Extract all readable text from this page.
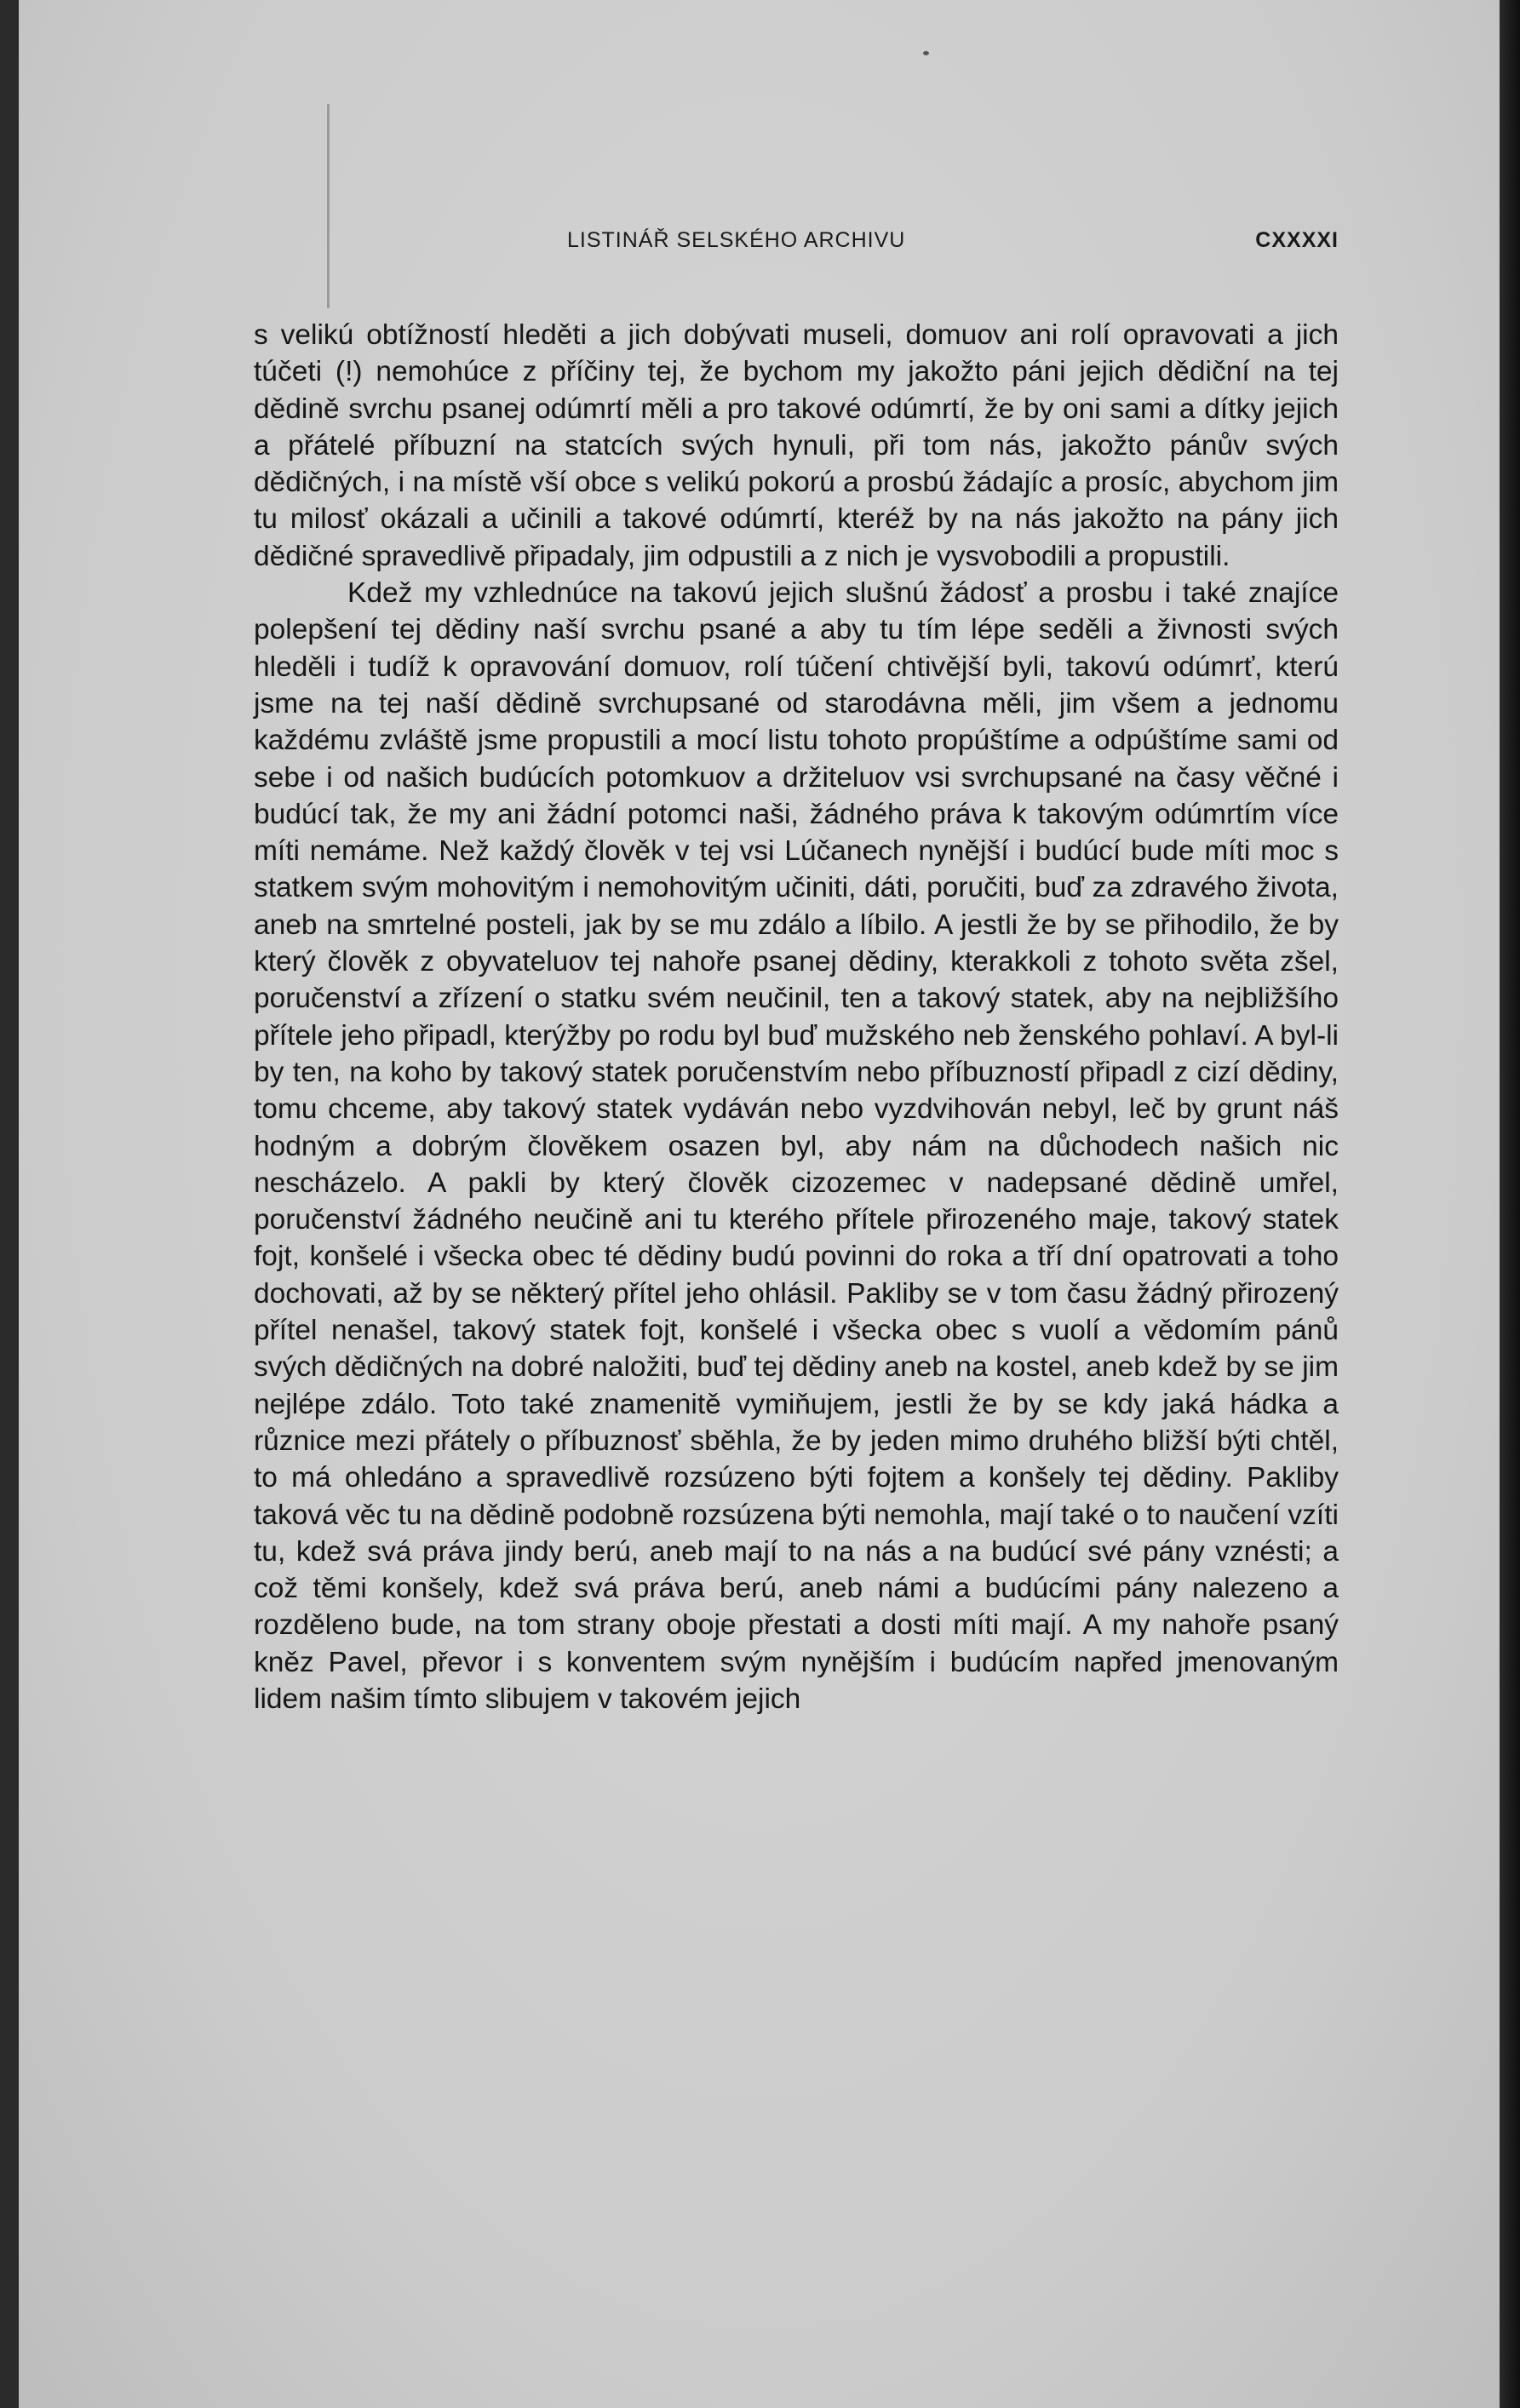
LISTINÁŘ SELSKÉHO ARCHIVU	CXXXXI

s velikú obtížností hleděti a jich dobývati museli, domuov ani rolí opravovati a jich túčeti (!) nemohúce z příčiny tej, že bychom my jakožto páni jejich dědiční na tej dědině svrchu psanej odúmrtí měli a pro takové odúmrtí, že by oni sami a dítky jejich a přátelé příbuzní na statcích svých hynuli, při tom nás, jakožto pánův svých dědičných, i na místě vší obce s velikú pokorú a prosbú žádajíc a prosíc, abychom jim tu milosť okázali a učinili a takové odúmrtí, kteréž by na nás jakožto na pány jich dědičné spravedlivě připadaly, jim odpustili a z nich je vysvobodili a propustili.

Kdež my vzhlednúce na takovú jejich slušnú žádosť a prosbu i také znajíce polepšení tej dědiny naší svrchu psané a aby tu tím lépe seděli a živnosti svých hleděli i tudíž k opravování domuov, rolí túčení chtivější byli, takovú odúmrť, kterú jsme na tej naší dědině svrchupsané od starodávna měli, jim všem a jednomu každému zvláště jsme propustili a mocí listu tohoto propúštíme a odpúštíme sami od sebe i od našich budúcích potomkuov a držiteluov vsi svrchupsané na časy věčné i budúcí tak, že my ani žádní potomci naši, žádného práva k takovým odúmrtím více míti nemáme. Než každý člověk v tej vsi Lúčanech nynější i budúcí bude míti moc s statkem svým mohovitým i nemohovitým učiniti, dáti, poručiti, buď za zdravého života, aneb na smrtelné posteli, jak by se mu zdálo a líbilo. A jestli že by se přihodilo, že by který člověk z obyvateluov tej nahoře psanej dědiny, kterakkoli z tohoto světa zšel, poručenství a zřízení o statku svém neučinil, ten a takový statek, aby na nejbližšího přítele jeho připadl, kterýžby po rodu byl buď mužského neb ženského pohlaví. A byl-li by ten, na koho by takový statek poručenstvím nebo příbuzností připadl z cizí dědiny, tomu chceme, aby takový statek vydáván nebo vyzdvihován nebyl, leč by grunt náš hodným a dobrým člověkem osazen byl, aby nám na důchodech našich nic nescházelo. A pakli by který člověk cizozemec v nadepsané dědině umřel, poručenství žádného neučině ani tu kterého přítele přirozeného maje, takový statek fojt, konšelé i všecka obec té dědiny budú povinni do roka a tří dní opatrovati a toho dochovati, až by se některý přítel jeho ohlásil. Pakliby se v tom času žádný přirozený přítel nenašel, takový statek fojt, konšelé i všecka obec s vuolí a vědomím pánů svých dědičných na dobré naložiti, buď tej dědiny aneb na kostel, aneb kdež by se jim nejlépe zdálo. Toto také znamenitě vymiňujem, jestli že by se kdy jaká hádka a různice mezi přátely o příbuznosť sběhla, že by jeden mimo druhého bližší býti chtěl, to má ohledáno a spravedlivě rozsúzeno býti fojtem a konšely tej dědiny. Pakliby taková věc tu na dědině podobně rozsúzena býti nemohla, mají také o to naučení vzíti tu, kdež svá práva jindy berú, aneb mají to na nás a na budúcí své pány vznésti; a což těmi konšely, kdež svá práva berú, aneb námi a budúcími pány nalezeno a rozděleno bude, na tom strany oboje přestati a dosti míti mají. A my nahoře psaný kněz Pavel, převor i s konventem svým nynějším i budúcím napřed jmenovaným lidem našim tímto slibujem v takovém jejich
